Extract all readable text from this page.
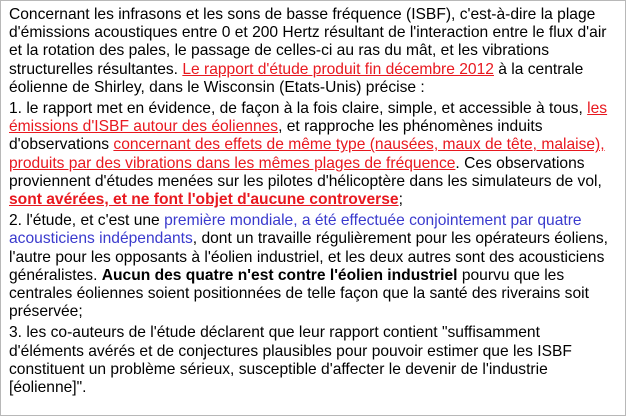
Concernant les infrasons et les sons de basse fréquence (ISBF), c'est-à-dire la plage d'émissions acoustiques entre 0 et 200 Hertz résultant de l'interaction entre le flux d'air et la rotation des pales, le passage de celles-ci au ras du mât, et les vibrations structurelles résultantes. Le rapport d'étude produit fin décembre 2012 à la centrale éolienne de Shirley, dans le Wisconsin (Etats-Unis) précise :

1. le rapport met en évidence, de façon à la fois claire, simple, et accessible à tous, les émissions d'ISBF autour des éoliennes, et rapproche les phénomènes induits d'observations concernant des effets de même type (nausées, maux de tête, malaise), produits par des vibrations dans les mêmes plages de fréquence. Ces observations proviennent d'études menées sur les pilotes d'hélicoptère dans les simulateurs de vol, sont avérées, et ne font l'objet d'aucune controverse;

2. l'étude, et c'est une première mondiale, a été effectuée conjointement par quatre acousticiens indépendants, dont un travaille régulièrement pour les opérateurs éoliens, l'autre pour les opposants à l'éolien industriel, et les deux autres sont des acousticiens généralistes. Aucun des quatre n'est contre l'éolien industriel pourvu que les centrales éoliennes soient positionnées de telle façon que la santé des riverains soit préservée;

3. les co-auteurs de l'étude déclarent que leur rapport contient "suffisamment d'éléments avérés et de conjectures plausibles pour pouvoir estimer que les ISBF constituent un problème sérieux, susceptible d'affecter le devenir de l'industrie [éolienne]".
